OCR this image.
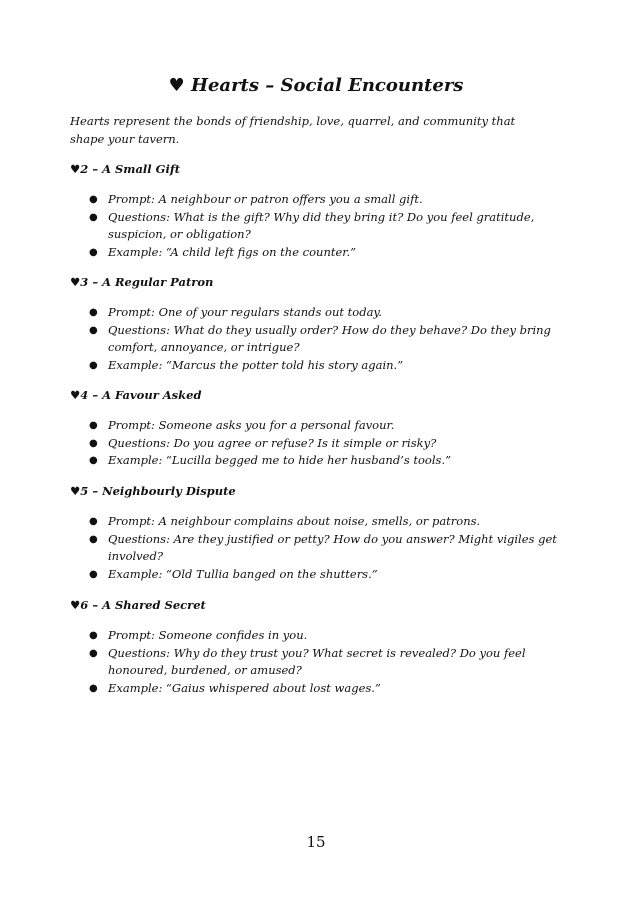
♥ Hearts – Social Encounters
Hearts represent the bonds of friendship, love, quarrel, and community that shape your tavern.
♥2 – A Small Gift
● Prompt: A neighbour or patron offers you a small gift.
● Questions: What is the gift? Why did they bring it? Do you feel gratitude, suspicion, or obligation?
● Example: “A child left figs on the counter.”
♥3 – A Regular Patron
● Prompt: One of your regulars stands out today.
● Questions: What do they usually order? How do they behave? Do they bring comfort, annoyance, or intrigue?
● Example: “Marcus the potter told his story again.”
♥4 – A Favour Asked
● Prompt: Someone asks you for a personal favour.
● Questions: Do you agree or refuse? Is it simple or risky?
● Example: “Lucilla begged me to hide her husband’s tools.”
♥5 – Neighbourly Dispute
● Prompt: A neighbour complains about noise, smells, or patrons.
● Questions: Are they justified or petty? How do you answer? Might vigiles get involved?
● Example: “Old Tullia banged on the shutters.”
♥6 – A Shared Secret
● Prompt: Someone confides in you.
● Questions: Why do they trust you? What secret is revealed? Do you feel honoured, burdened, or amused?
● Example: “Gaius whispered about lost wages.”
15
